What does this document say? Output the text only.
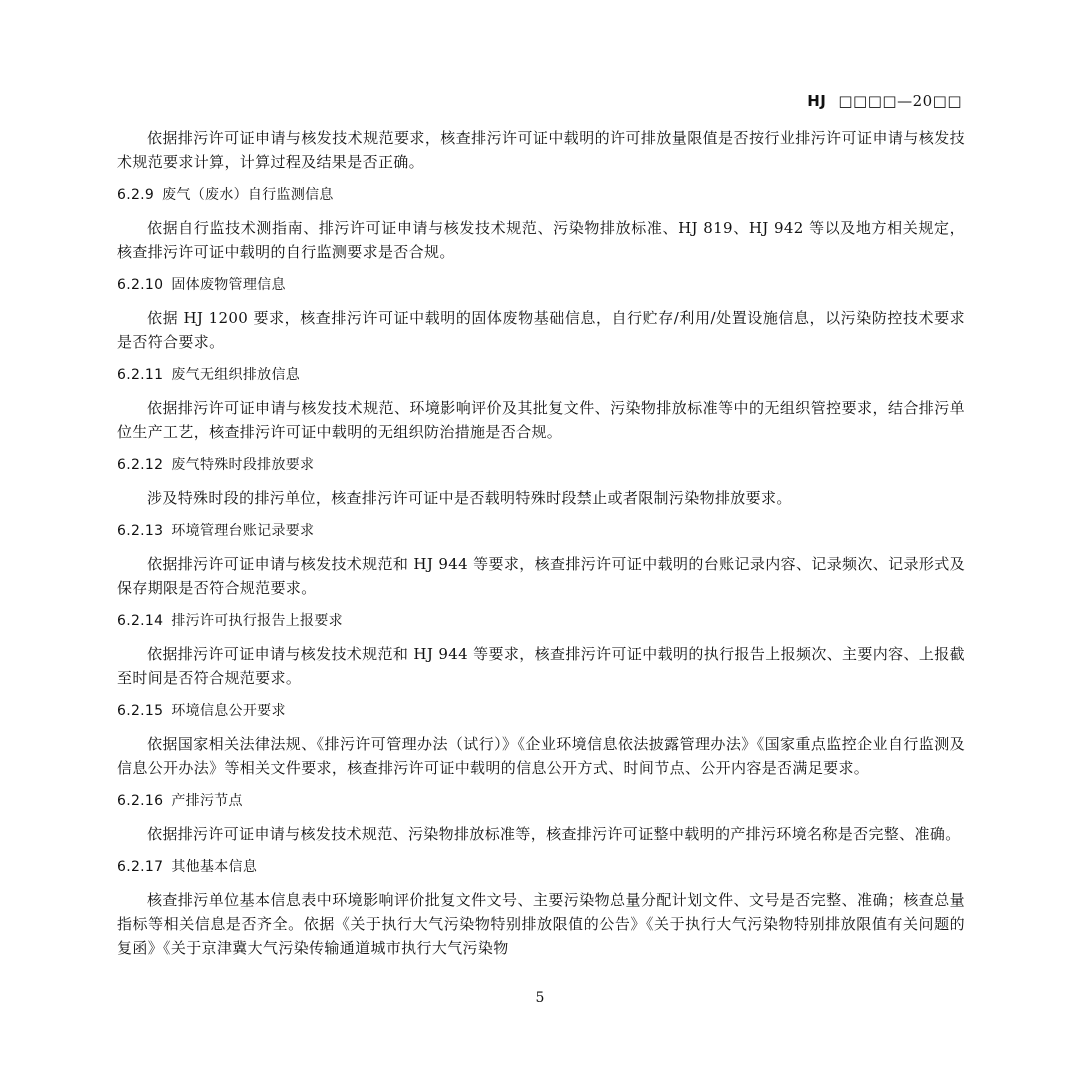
HJ □□□□—20□□

依据排污许可证申请与核发技术规范要求，核查排污许可证中载明的许可排放量限值是否按行业排污许可证申请与核发技术规范要求计算，计算过程及结果是否正确。

6.2.9 废气（废水）自行监测信息

依据自行监技术测指南、排污许可证申请与核发技术规范、污染物排放标准、HJ 819、HJ 942 等以及地方相关规定，核查排污许可证中载明的自行监测要求是否合规。

6.2.10 固体废物管理信息

依据 HJ 1200 要求，核查排污许可证中载明的固体废物基础信息，自行贮存/利用/处置设施信息，以污染防控技术要求是否符合要求。

6.2.11 废气无组织排放信息

依据排污许可证申请与核发技术规范、环境影响评价及其批复文件、污染物排放标准等中的无组织管控要求，结合排污单位生产工艺，核查排污许可证中载明的无组织防治措施是否合规。

6.2.12 废气特殊时段排放要求

涉及特殊时段的排污单位，核查排污许可证中是否载明特殊时段禁止或者限制污染物排放要求。

6.2.13 环境管理台账记录要求

依据排污许可证申请与核发技术规范和 HJ 944 等要求，核查排污许可证中载明的台账记录内容、记录频次、记录形式及保存期限是否符合规范要求。

6.2.14 排污许可执行报告上报要求

依据排污许可证申请与核发技术规范和 HJ 944 等要求，核查排污许可证中载明的执行报告上报频次、主要内容、上报截至时间是否符合规范要求。

6.2.15 环境信息公开要求

依据国家相关法律法规、《排污许可管理办法（试行）》《企业环境信息依法披露管理办法》《国家重点监控企业自行监测及信息公开办法》等相关文件要求，核查排污许可证中载明的信息公开方式、时间节点、公开内容是否满足要求。

6.2.16 产排污节点

依据排污许可证申请与核发技术规范、污染物排放标准等，核查排污许可证整中载明的产排污环境名称是否完整、准确。

6.2.17 其他基本信息

核查排污单位基本信息表中环境影响评价批复文件文号、主要污染物总量分配计划文件、文号是否完整、准确；核查总量指标等相关信息是否齐全。依据《关于执行大气污染物特别排放限值的公告》《关于执行大气污染物特别排放限值有关问题的复函》《关于京津冀大气污染传输通道城市执行大气污染物

5
